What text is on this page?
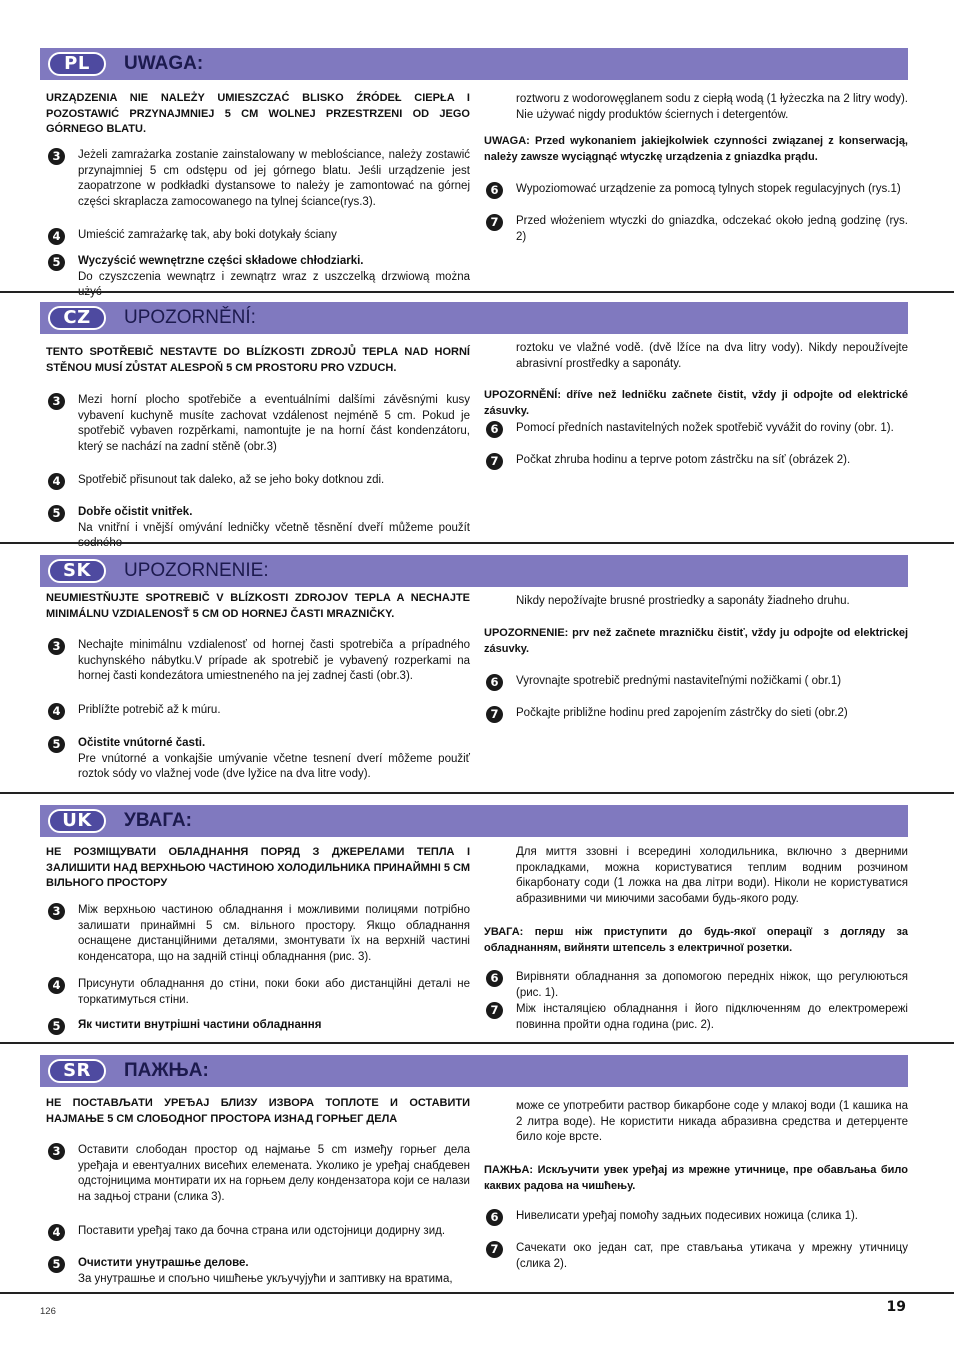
PL	UWAGA:
URZĄDZENIA NIE NALEŻY UMIESZCZAĆ BLISKO ŹRÓDEŁ CIEPŁA I POZOSTAWIĆ PRZYNAJMNIEJ 5 CM WOLNEJ PRZESTRZENI OD JEGO GÓRNEGO BLATU.
3	Jeżeli zamrażarka zostanie zainstalowany w meblościance, należy zostawić przynajmniej 5 cm odstępu od jej górnego blatu. Jeśli urządzenie jest zaopatrzone w podkładki dystansowe to należy je zamontować na górnej części skraplacza zamocowanego na tylnej ściance(rys.3).
4	Umieścić zamrażarkę tak, aby boki dotykały ściany
5	Wyczyścić wewnętrzne części składowe chłodziarki.
Do czyszczenia wewnątrz i zewnątrz wraz z uszczelką drzwiową można
roztworu z wodorowęglanem sodu z ciepłą wodą (1 łyżeczka na 2 litry wody). Nie używać nigdy produktów ściernych i detergentów.
UWAGA: Przed wykonaniem jakiejkolwiek czynności związanej z konserwacją, należy zawsze wyciągnąć wtyczkę urządzenia z gniazdka prądu.
6	Wypoziomować urządzenie za pomocą tylnych stopek regulacyjnych (rys.1)
7	Przed włożeniem wtyczki do gniazdka, odczekać około jedną godzinę (rys. 2)
CZ	UPOZORNĚNÍ:
TENTO SPOTŘEBIČ NESTAVTE DO BLÍZKOSTI ZDROJŮ TEPLA NAD HORNÍ STĚNOU MUSÍ ZŮSTAT ALESPOŇ 5 CM PROSTORU PRO VZDUCH.
3	Mezi horní plocho spotřebiče a eventuálními dalšími závěsnými kusy vybavení kuchyně musíte zachovat vzdálenost nejméně 5 cm. Pokud je spotřebič vybaven rozpěrkami, namontujte je na horní část kondenzátoru, který se nachází na zadní stěně (obr.3)
4	Spotřebič přisunout tak daleko, až se jeho boky dotknou zdi.
5	Dobře očistit vnitřek.
Na vnitřní i vnější omývání ledničky včetně těsnění dveří můžeme použít
roztoku ve vlažné vodě. (dvě lžíce na dva litry vody). Nikdy nepoužívejte abrasivní prostředky a saponáty.
UPOZORNĚNÍ: dříve než ledničku začnete čistit, vždy ji odpojte od elektrické zásuvky.
6	Pomocí předních nastavitelných nožek spotřebič vyvážit do roviny (obr. 1).
7	Počkat zhruba hodinu a teprve potom zástrčku na síť (obrázek 2).
SK	UPOZORNENIE:
NEUMIESTŇUJTE SPOTREBIČ V BLÍZKOSTI ZDROJOV TEPLA A NECHAJTE MINIMÁLNU VZDIALENOSŤ 5 CM OD HORNEJ ČASTI MRAZNIČKY.
3	Nechajte minimálnu vzdialenosť od hornej časti spotrebiča a prípadného kuchynského nábytku.V prípade ak spotrebič je vybavený rozperkami na hornej časti kondezátora umiestneného na jej zadnej časti (obr.3).
4	Priblížte potrebič až k múru.
5	Očistite vnútorné časti.
Pre vnútorné a vonkajšie umývanie včetne tesnení dverí môžeme použiť roztok sódy vo vlažnej vode (dve lyžice na dva litre vody).
Nikdy nepožívajte brusné prostriedky a saponáty žiadneho druhu.
UPOZORNENIE: prv než začnete mrazničku čistiť, vždy ju odpojte od elektrickej zásuvky.
6	Vyrovnajte spotrebič prednými nastaviteľnými nožičkami ( obr.1)
7	Počkajte približne hodinu pred zapojením zástrčky do sieti (obr.2)
UK	УВАГА:
НЕ РОЗМІЩУВАТИ ОБЛАДНАННЯ ПОРЯД З ДЖЕРЕЛАМИ ТЕПЛА І ЗАЛИШИТИ НАД ВЕРХНЬОЮ ЧАСТИНОЮ ХОЛОДИЛЬНИКА ПРИНАЙМНІ 5 СМ ВІЛЬНОГО ПРОСТОРУ
3	Між верхньою частиною обладнання і можливими полицями потрібно залишати принаймні 5 см. вільного простору. Якщо обладнання оснащене дистанційними деталями, змонтувати їх на верхній частині конденсатора, що на задній стінці обладнання (рис. 3).
4	Присунути обладнання до стіни, поки боки або дистанційні деталі не торкатимуться стіни.
5	Як чистити внутрішні частини обладнання
Для миття ззовні і всередині холодильника, включно з дверними прокладками, можна користуватися теплим водним розчином бікарбонату соди (1 ложка на два літри води). Ніколи не користуватися абразивними чи миючими засобами будь-якого роду.
УВАГА: перш ніж приступити до будь-якої операції з догляду за обладнанням, вийняти штепсель з електричної розетки.
6	Вирівняти обладнання за допомогою передніх ніжок, що регулюються (рис. 1).
7	Між інсталяцією обладнання і його підключенням до електромережі повинна пройти одна година (рис. 2).
SR	ПАЖЊА:
НЕ ПОСТАВЉАТИ УРЕЂАЈ БЛИЗУ ИЗВОРА ТОПЛОТЕ И ОСТАВИТИ НАЈМАЊЕ 5 CM СЛОБОДНОГ ПРОСТОРА ИЗНАД ГОРЊЕГ ДЕЛА
3	Оставити слободан простор од најмање 5 cm између горњег дела уређаја и евентуалних висећих елемената. Уколико је уређај снабдевен одстојницима монтирати их на горњем делу кондензатора који се налази на задњој страни (слика 3).
4	Поставити уређај тако да бочна страна или одстојници додирну зид.
5	Очистити унутрашње делове.
За унутрашње и спољно чишћење укључујући и заптивку на вратима,
може се употребити раствор бикарбоне соде у млакој води (1 кашика на 2 литра воде). Не користити никада абразивна средства и детерџенте било које врсте.
ПАЖЊА: Искључити увек уређај из мрежне утичнице, пре обављања било каквих радова на чишћењу.
6	Нивелисати уређај помоћу задњих подесивих ножица (слика 1).
7	Сачекати око један сат, пре стављања утикача у мрежну утичницу (слика 2).
126	19
